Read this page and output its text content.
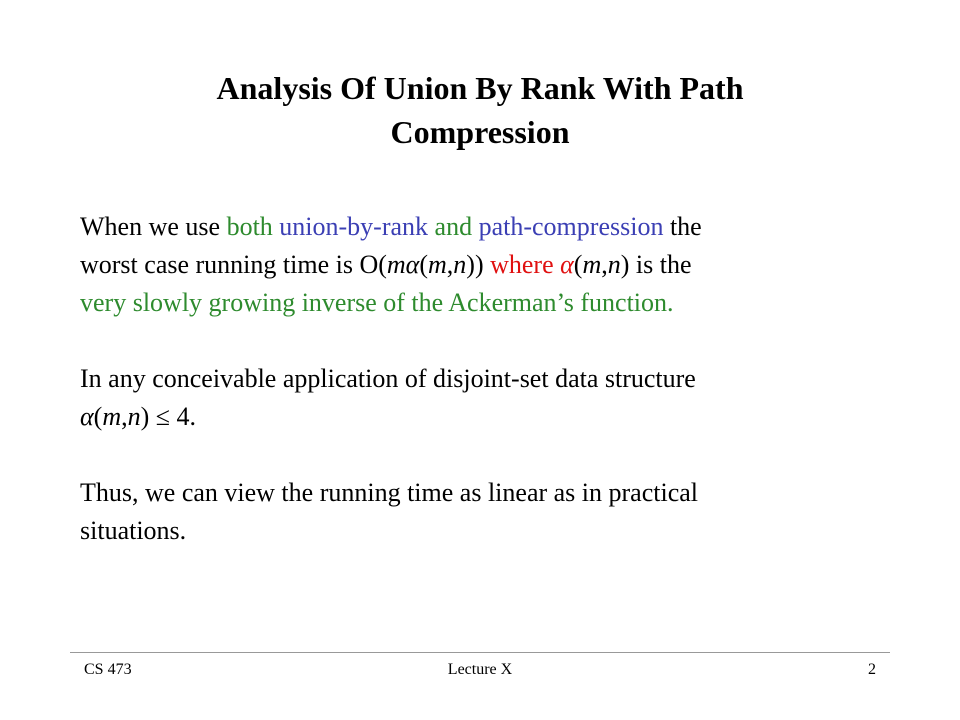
Analysis Of Union By Rank With Path
Compression
When we use both union-by-rank and path-compression the
worst case running time is O(mα(m,n)) where α(m,n) is the
very slowly growing inverse of the Ackerman’s function.
In any conceivable application of disjoint-set data structure
α(m,n) ≤ 4.
Thus, we can view the running time as linear as in practical
situations.
CS 473	Lecture X	2
